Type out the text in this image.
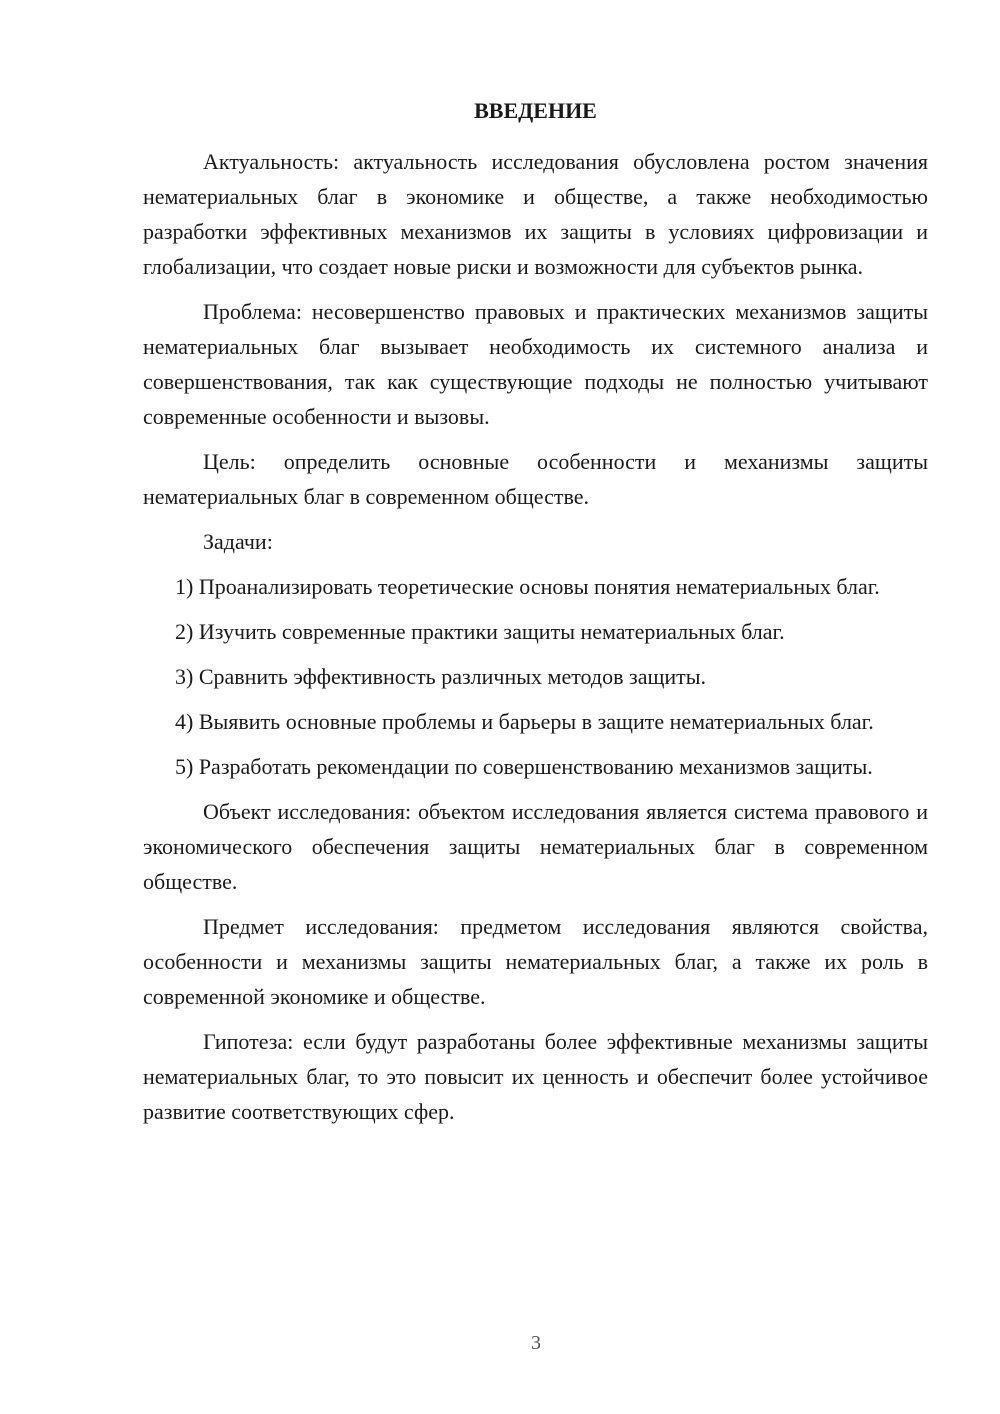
ВВЕДЕНИЕ

Актуальность: актуальность исследования обусловлена ростом значения нематериальных благ в экономике и обществе, а также необходимостью разработки эффективных механизмов их защиты в условиях цифровизации и глобализации, что создает новые риски и возможности для субъектов рынка.

Проблема: несовершенство правовых и практических механизмов защиты нематериальных благ вызывает необходимость их системного анализа и совершенствования, так как существующие подходы не полностью учитывают современные особенности и вызовы.

Цель: определить основные особенности и механизмы защиты нематериальных благ в современном обществе.

Задачи:

1) Проанализировать теоретические основы понятия нематериальных благ.

2) Изучить современные практики защиты нематериальных благ.

3) Сравнить эффективность различных методов защиты.

4) Выявить основные проблемы и барьеры в защите нематериальных благ.

5) Разработать рекомендации по совершенствованию механизмов защиты.

Объект исследования: объектом исследования является система правового и экономического обеспечения защиты нематериальных благ в современном обществе.

Предмет исследования: предметом исследования являются свойства, особенности и механизмы защиты нематериальных благ, а также их роль в современной экономике и обществе.

Гипотеза: если будут разработаны более эффективные механизмы защиты нематериальных благ, то это повысит их ценность и обеспечит более устойчивое развитие соответствующих сфер.

3
